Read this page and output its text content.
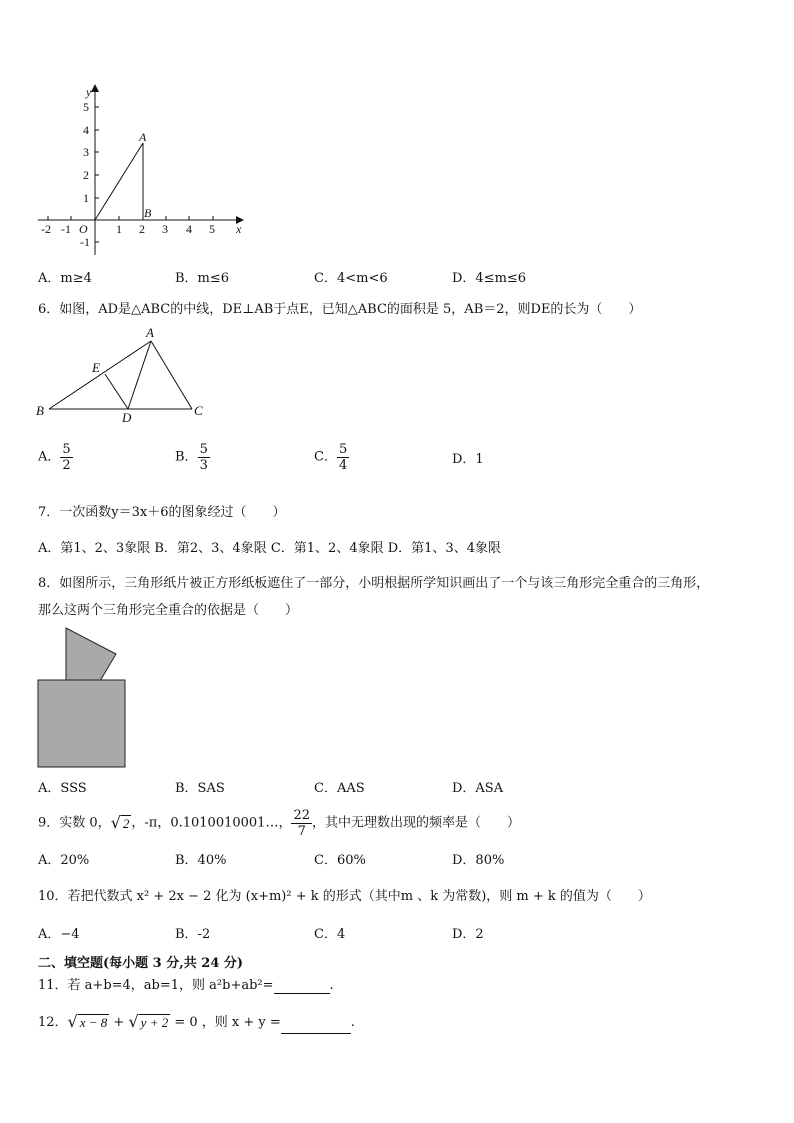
y
x
O
A
B
5
4
3
2
1
-1
-2 -1	1 2 3 4 5
A．m≥4	B．m≤6	C．4<m<6	D．4≤m≤6
6．如图，AD是△ABC的中线，DE⊥AB于点E，已知△ABC的面积是 5，AB＝2，则DE的长为（　　）
A
B	C
D
E
A． $\frac{5}{2}$	B． $\frac{5}{3}$	C． $\frac{5}{4}$	D．1
7．一次函数y＝3x＋6的图象经过（　　）
A．第1、2、3象限 B．第2、3、4象限 C．第1、2、4象限 D．第1、3、4象限
8．如图所示，三角形纸片被正方形纸板遮住了一部分，小明根据所学知识画出了一个与该三角形完全重合的三角形，
那么这两个三角形完全重合的依据是（　　）
A．SSS	B．SAS	C．AAS	D．ASA
9．实数 0，√ 2 ，-π，0.1010010001…， $\frac{22}{7}$ ，其中无理数出现的频率是（　　）
A．20%	B．40%	C．60%	D．80%
10．若把代数式 x² + 2x − 2 化为 (x+m)² + k 的形式（其中m 、k 为常数)，则 m + k 的值为（　　）
A．−4	B．-2	C．4	D．2
二、填空题(每小题 3 分,共 24 分)
11．若 a+b=4，ab=1，则 a²b+ab²=	.
12．√ x − 8 + √ y + 2 = 0 ，则 x + y =	.
